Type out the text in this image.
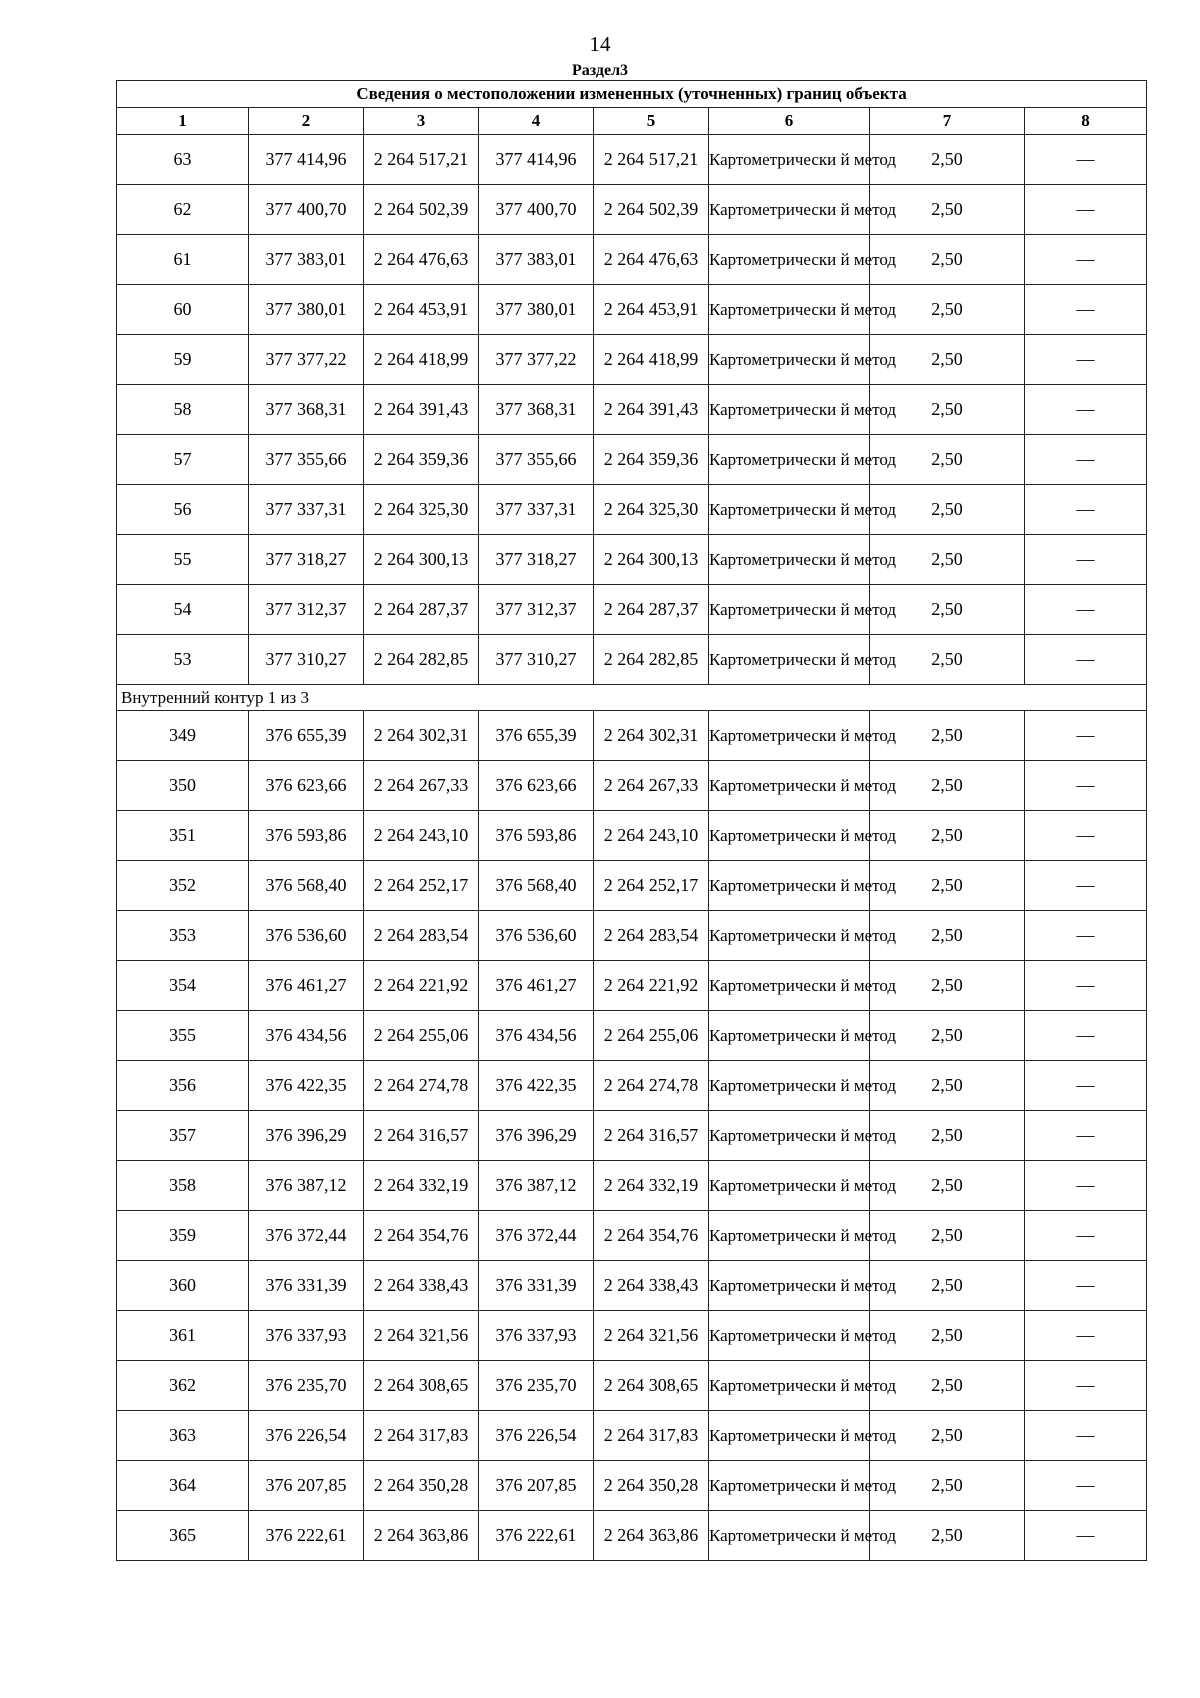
14
Раздел3
Сведения о местоположении измененных (уточненных) границ объекта							
1	2	3	4	5	6	7	8
63	377 414,96	2 264 517,21	377 414,96	2 264 517,21	Картометрически й метод	2,50	—
62	377 400,70	2 264 502,39	377 400,70	2 264 502,39	Картометрически й метод	2,50	—
61	377 383,01	2 264 476,63	377 383,01	2 264 476,63	Картометрически й метод	2,50	—
60	377 380,01	2 264 453,91	377 380,01	2 264 453,91	Картометрически й метод	2,50	—
59	377 377,22	2 264 418,99	377 377,22	2 264 418,99	Картометрически й метод	2,50	—
58	377 368,31	2 264 391,43	377 368,31	2 264 391,43	Картометрически й метод	2,50	—
57	377 355,66	2 264 359,36	377 355,66	2 264 359,36	Картометрически й метод	2,50	—
56	377 337,31	2 264 325,30	377 337,31	2 264 325,30	Картометрически й метод	2,50	—
55	377 318,27	2 264 300,13	377 318,27	2 264 300,13	Картометрически й метод	2,50	—
54	377 312,37	2 264 287,37	377 312,37	2 264 287,37	Картометрически й метод	2,50	—
53	377 310,27	2 264 282,85	377 310,27	2 264 282,85	Картометрически й метод	2,50	—
Внутренний контур 1 из 3							
349	376 655,39	2 264 302,31	376 655,39	2 264 302,31	Картометрически й метод	2,50	—
350	376 623,66	2 264 267,33	376 623,66	2 264 267,33	Картометрически й метод	2,50	—
351	376 593,86	2 264 243,10	376 593,86	2 264 243,10	Картометрически й метод	2,50	—
352	376 568,40	2 264 252,17	376 568,40	2 264 252,17	Картометрически й метод	2,50	—
353	376 536,60	2 264 283,54	376 536,60	2 264 283,54	Картометрически й метод	2,50	—
354	376 461,27	2 264 221,92	376 461,27	2 264 221,92	Картометрически й метод	2,50	—
355	376 434,56	2 264 255,06	376 434,56	2 264 255,06	Картометрически й метод	2,50	—
356	376 422,35	2 264 274,78	376 422,35	2 264 274,78	Картометрически й метод	2,50	—
357	376 396,29	2 264 316,57	376 396,29	2 264 316,57	Картометрически й метод	2,50	—
358	376 387,12	2 264 332,19	376 387,12	2 264 332,19	Картометрически й метод	2,50	—
359	376 372,44	2 264 354,76	376 372,44	2 264 354,76	Картометрически й метод	2,50	—
360	376 331,39	2 264 338,43	376 331,39	2 264 338,43	Картометрически й метод	2,50	—
361	376 337,93	2 264 321,56	376 337,93	2 264 321,56	Картометрически й метод	2,50	—
362	376 235,70	2 264 308,65	376 235,70	2 264 308,65	Картометрически й метод	2,50	—
363	376 226,54	2 264 317,83	376 226,54	2 264 317,83	Картометрически й метод	2,50	—
364	376 207,85	2 264 350,28	376 207,85	2 264 350,28	Картометрически й метод	2,50	—
365	376 222,61	2 264 363,86	376 222,61	2 264 363,86	Картометрически й метод	2,50	—
